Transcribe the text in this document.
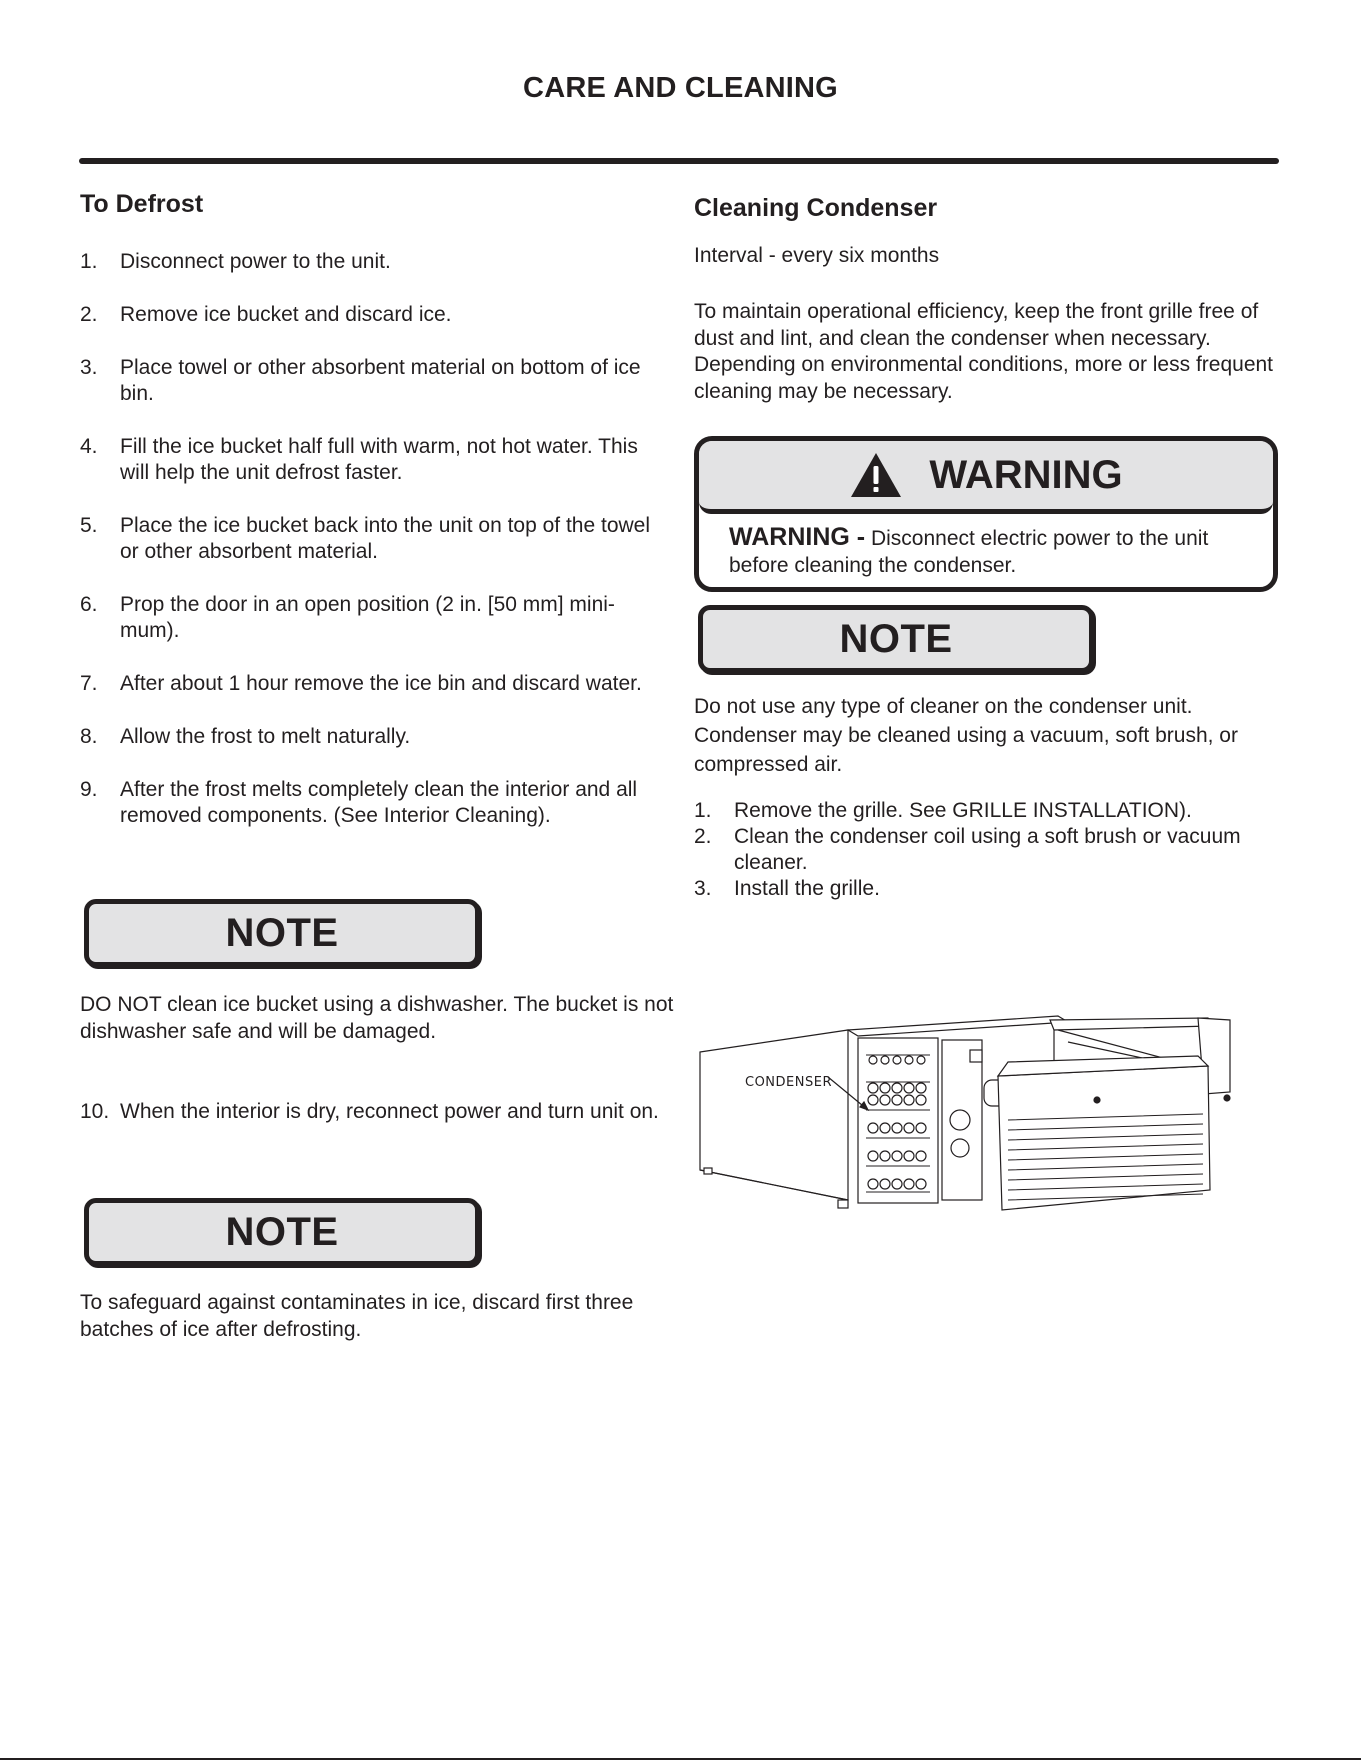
CARE AND CLEANING
To Defrost
1. Disconnect power to the unit.
2. Remove ice bucket and discard ice.
3. Place towel or other absorbent material on bottom of ice bin.
4. Fill the ice bucket half full with warm, not hot water. This will help the unit defrost faster.
5. Place the ice bucket back into the unit on top of the towel or other absorbent material.
6. Prop the door in an open position (2 in. [50 mm] mini-mum).
7. After about 1 hour remove the ice bin and discard water.
8. Allow the frost to melt naturally.
9. After the frost melts completely clean the interior and all removed components. (See Interior Cleaning).
NOTE

DO NOT clean ice bucket using a dishwasher. The bucket is not dishwasher safe and will be damaged.

10. When the interior is dry, reconnect power and turn unit on.
NOTE

To safeguard against contaminates in ice, discard first three batches of ice after defrosting.

Cleaning Condenser
Interval - every six months

To maintain operational efficiency, keep the front grille free of dust and lint, and clean the condenser when necessary. Depending on environmental conditions, more or less frequent cleaning may be necessary.

WARNING
WARNING - Disconnect electric power to the unit before cleaning the condenser.
NOTE

Do not use any type of cleaner on the condenser unit. Condenser may be cleaned using a vacuum, soft brush, or compressed air.

1. Remove the grille. See GRILLE INSTALLATION).
2. Clean the condenser coil using a soft brush or vacuum cleaner.
3. Install the grille.
CONDENSER
